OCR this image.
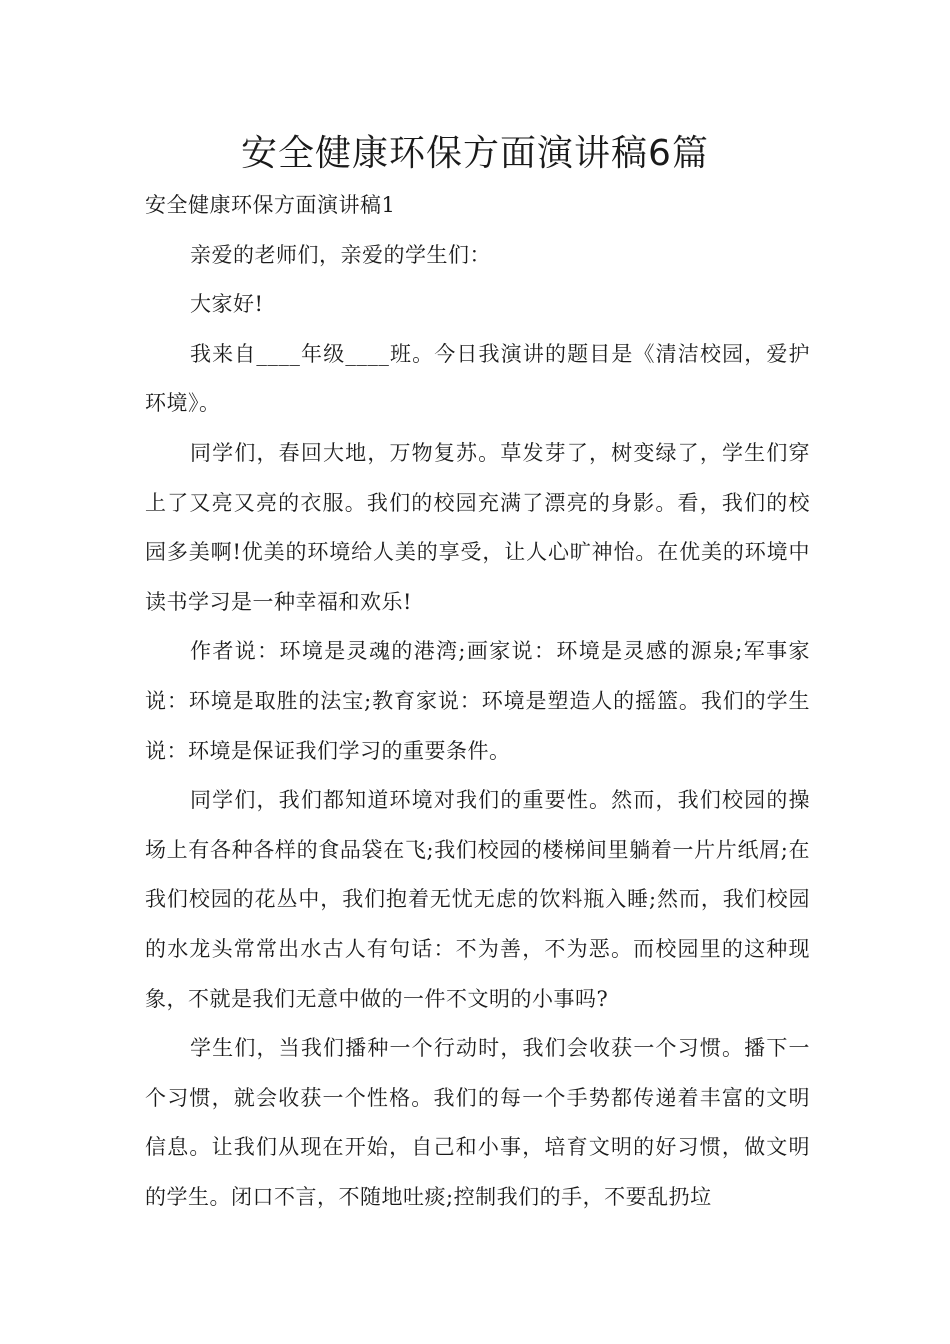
安全健康环保方面演讲稿6篇

安全健康环保方面演讲稿1

亲爱的老师们，亲爱的学生们：

大家好!

我来自____年级____班。今日我演讲的题目是《清洁校园，爱护环境》。

同学们，春回大地，万物复苏。草发芽了，树变绿了，学生们穿上了又亮又亮的衣服。我们的校园充满了漂亮的身影。看，我们的校园多美啊!优美的环境给人美的享受，让人心旷神怡。在优美的环境中读书学习是一种幸福和欢乐!

作者说：环境是灵魂的港湾;画家说：环境是灵感的源泉;军事家说：环境是取胜的法宝;教育家说：环境是塑造人的摇篮。我们的学生说：环境是保证我们学习的重要条件。

同学们，我们都知道环境对我们的重要性。然而，我们校园的操场上有各种各样的食品袋在飞;我们校园的楼梯间里躺着一片片纸屑;在我们校园的花丛中，我们抱着无忧无虑的饮料瓶入睡;然而，我们校园的水龙头常常出水古人有句话：不为善，不为恶。而校园里的这种现象，不就是我们无意中做的一件不文明的小事吗?

学生们，当我们播种一个行动时，我们会收获一个习惯。播下一个习惯，就会收获一个性格。我们的每一个手势都传递着丰富的文明信息。让我们从现在开始，自己和小事，培育文明的好习惯，做文明的学生。闭口不言，不随地吐痰;控制我们的手，不要乱扔垃
